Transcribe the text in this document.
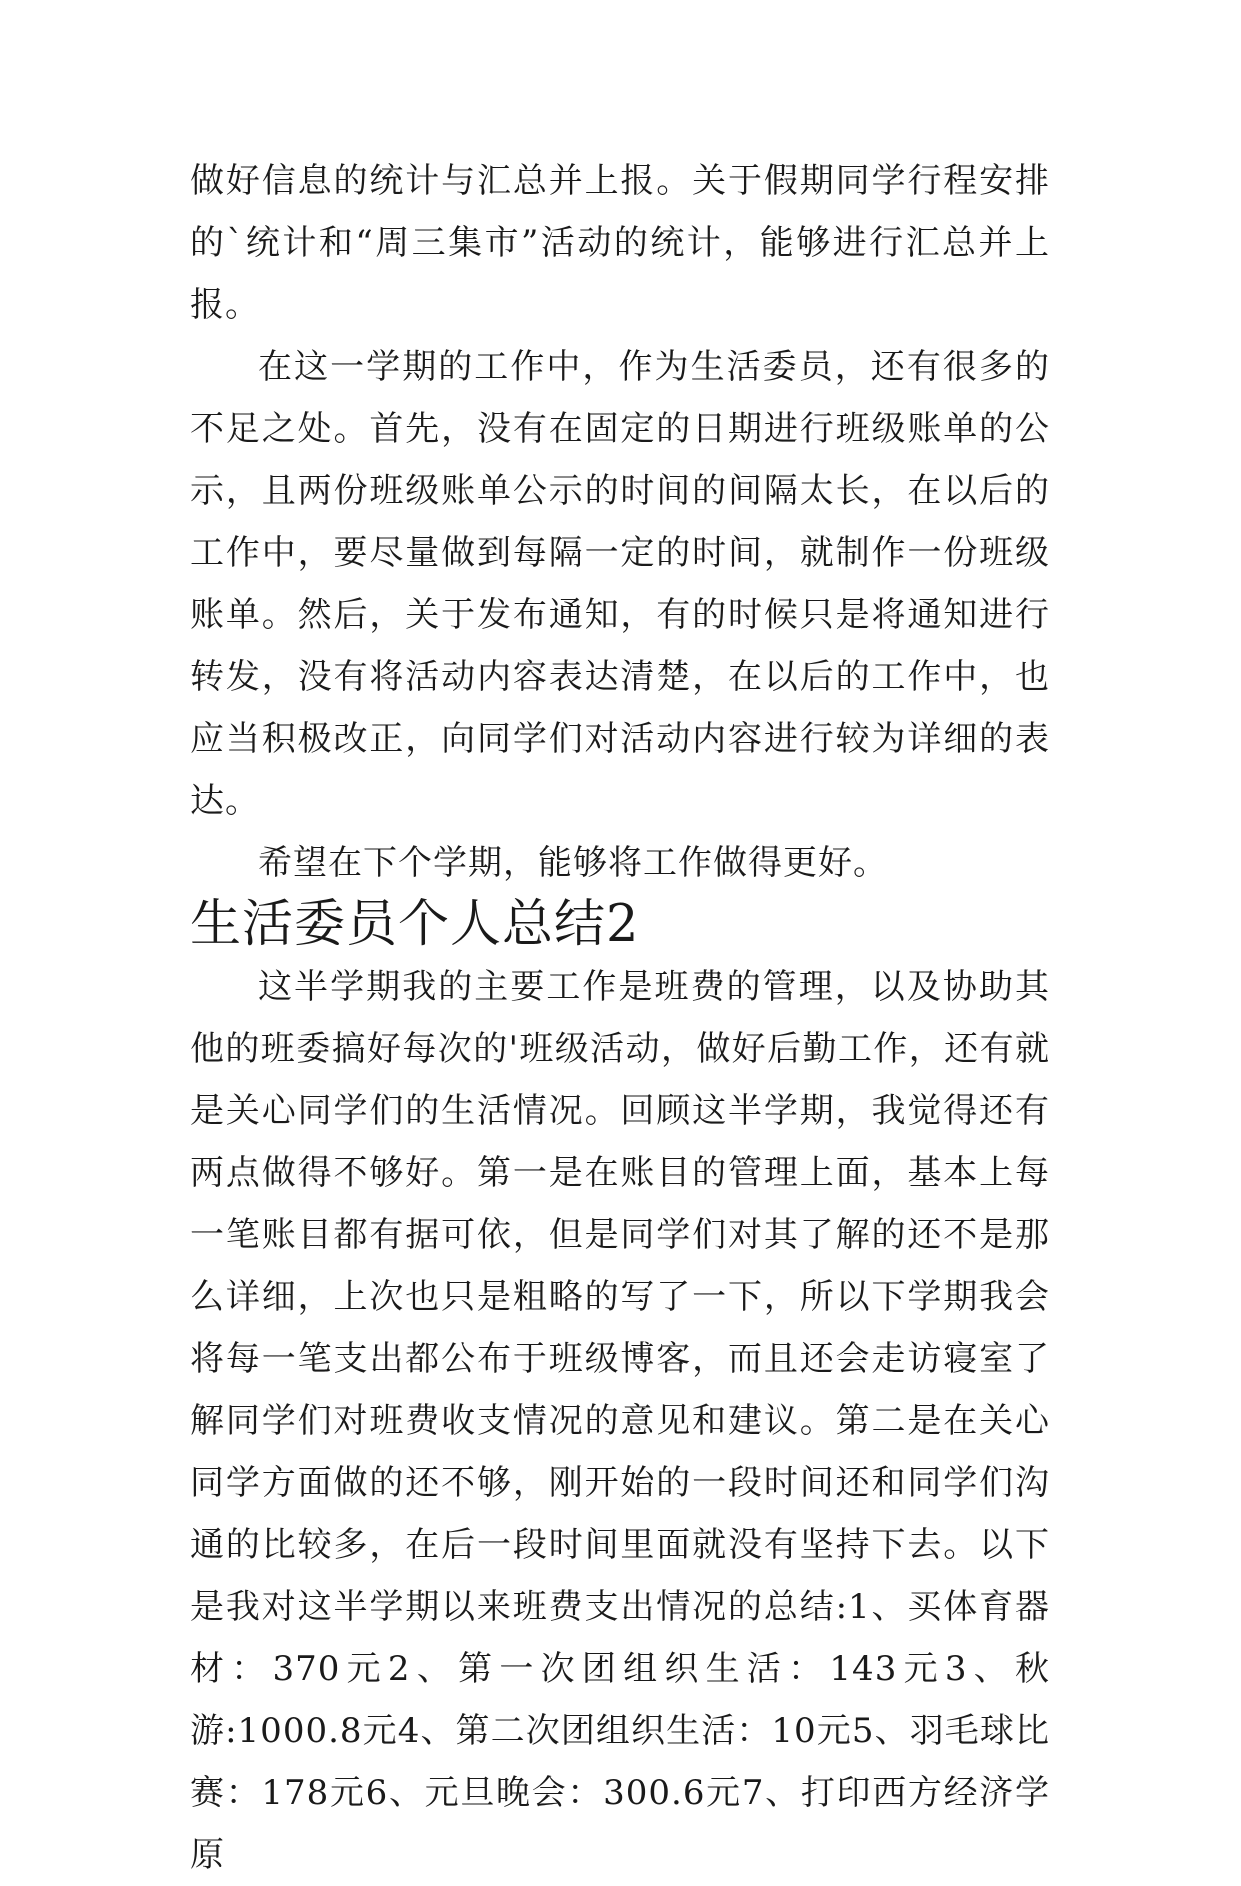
做好信息的统计与汇总并上报。关于假期同学行程安排的`统计和“周三集市”活动的统计，能够进行汇总并上报。

在这一学期的工作中，作为生活委员，还有很多的不足之处。首先，没有在固定的日期进行班级账单的公示，且两份班级账单公示的时间的间隔太长，在以后的工作中，要尽量做到每隔一定的时间，就制作一份班级账单。然后，关于发布通知，有的时候只是将通知进行转发，没有将活动内容表达清楚，在以后的工作中，也应当积极改正，向同学们对活动内容进行较为详细的表达。

希望在下个学期，能够将工作做得更好。

生活委员个人总结2

这半学期我的主要工作是班费的管理，以及协助其他的班委搞好每次的'班级活动，做好后勤工作，还有就是关心同学们的生活情况。回顾这半学期，我觉得还有两点做得不够好。第一是在账目的管理上面，基本上每一笔账目都有据可依，但是同学们对其了解的还不是那么详细，上次也只是粗略的写了一下，所以下学期我会将每一笔支出都公布于班级博客，而且还会走访寝室了解同学们对班费收支情况的意见和建议。第二是在关心同学方面做的还不够，刚开始的一段时间还和同学们沟通的比较多，在后一段时间里面就没有坚持下去。以下是我对这半学期以来班费支出情况的总结:1、买体育器材：370元2、第一次团组织生活：143元3、秋游:1000.8元4、第二次团组织生活：10元5、羽毛球比赛：178元6、元旦晚会：300.6元7、打印西方经济学原
